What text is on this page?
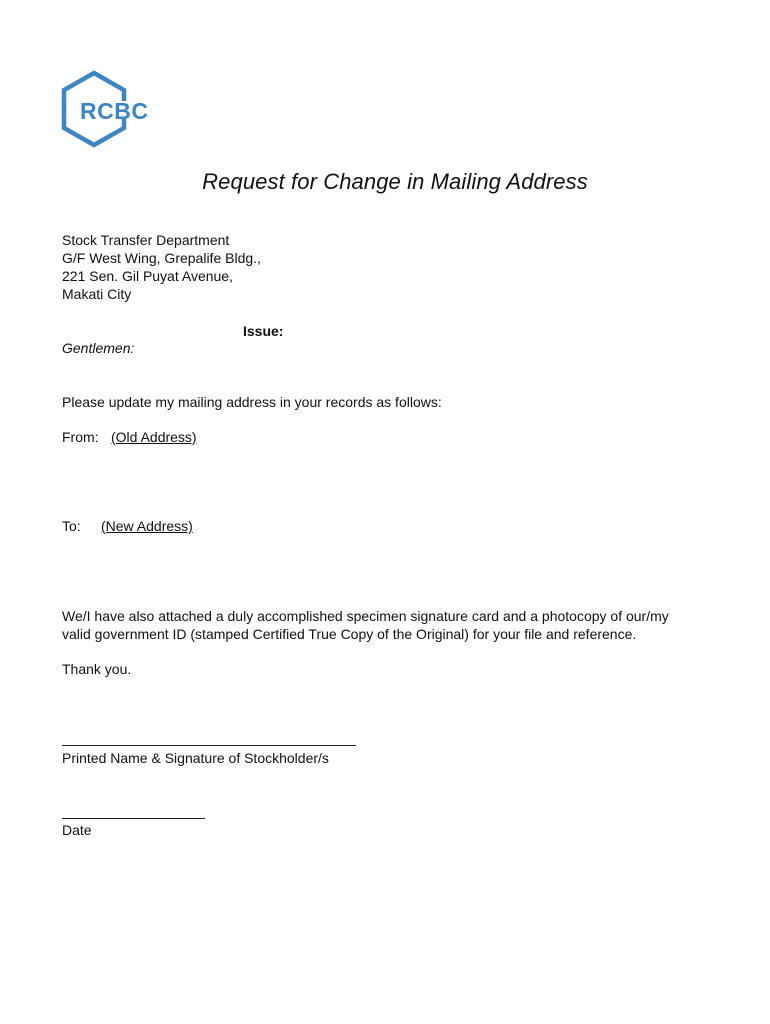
RCBC
Request for Change in Mailing Address
Stock Transfer Department
G/F West Wing, Grepalife Bldg.,
221 Sen. Gil Puyat Avenue,
Makati City
Issue:
Gentlemen:
Please update my mailing address in your records as follows:
From: (Old Address)
To: (New Address)
We/I have also attached a duly accomplished specimen signature card and a photocopy of our/my
valid government ID (stamped Certified True Copy of the Original) for your file and reference.
Thank you.
Printed Name & Signature of Stockholder/s
Date
